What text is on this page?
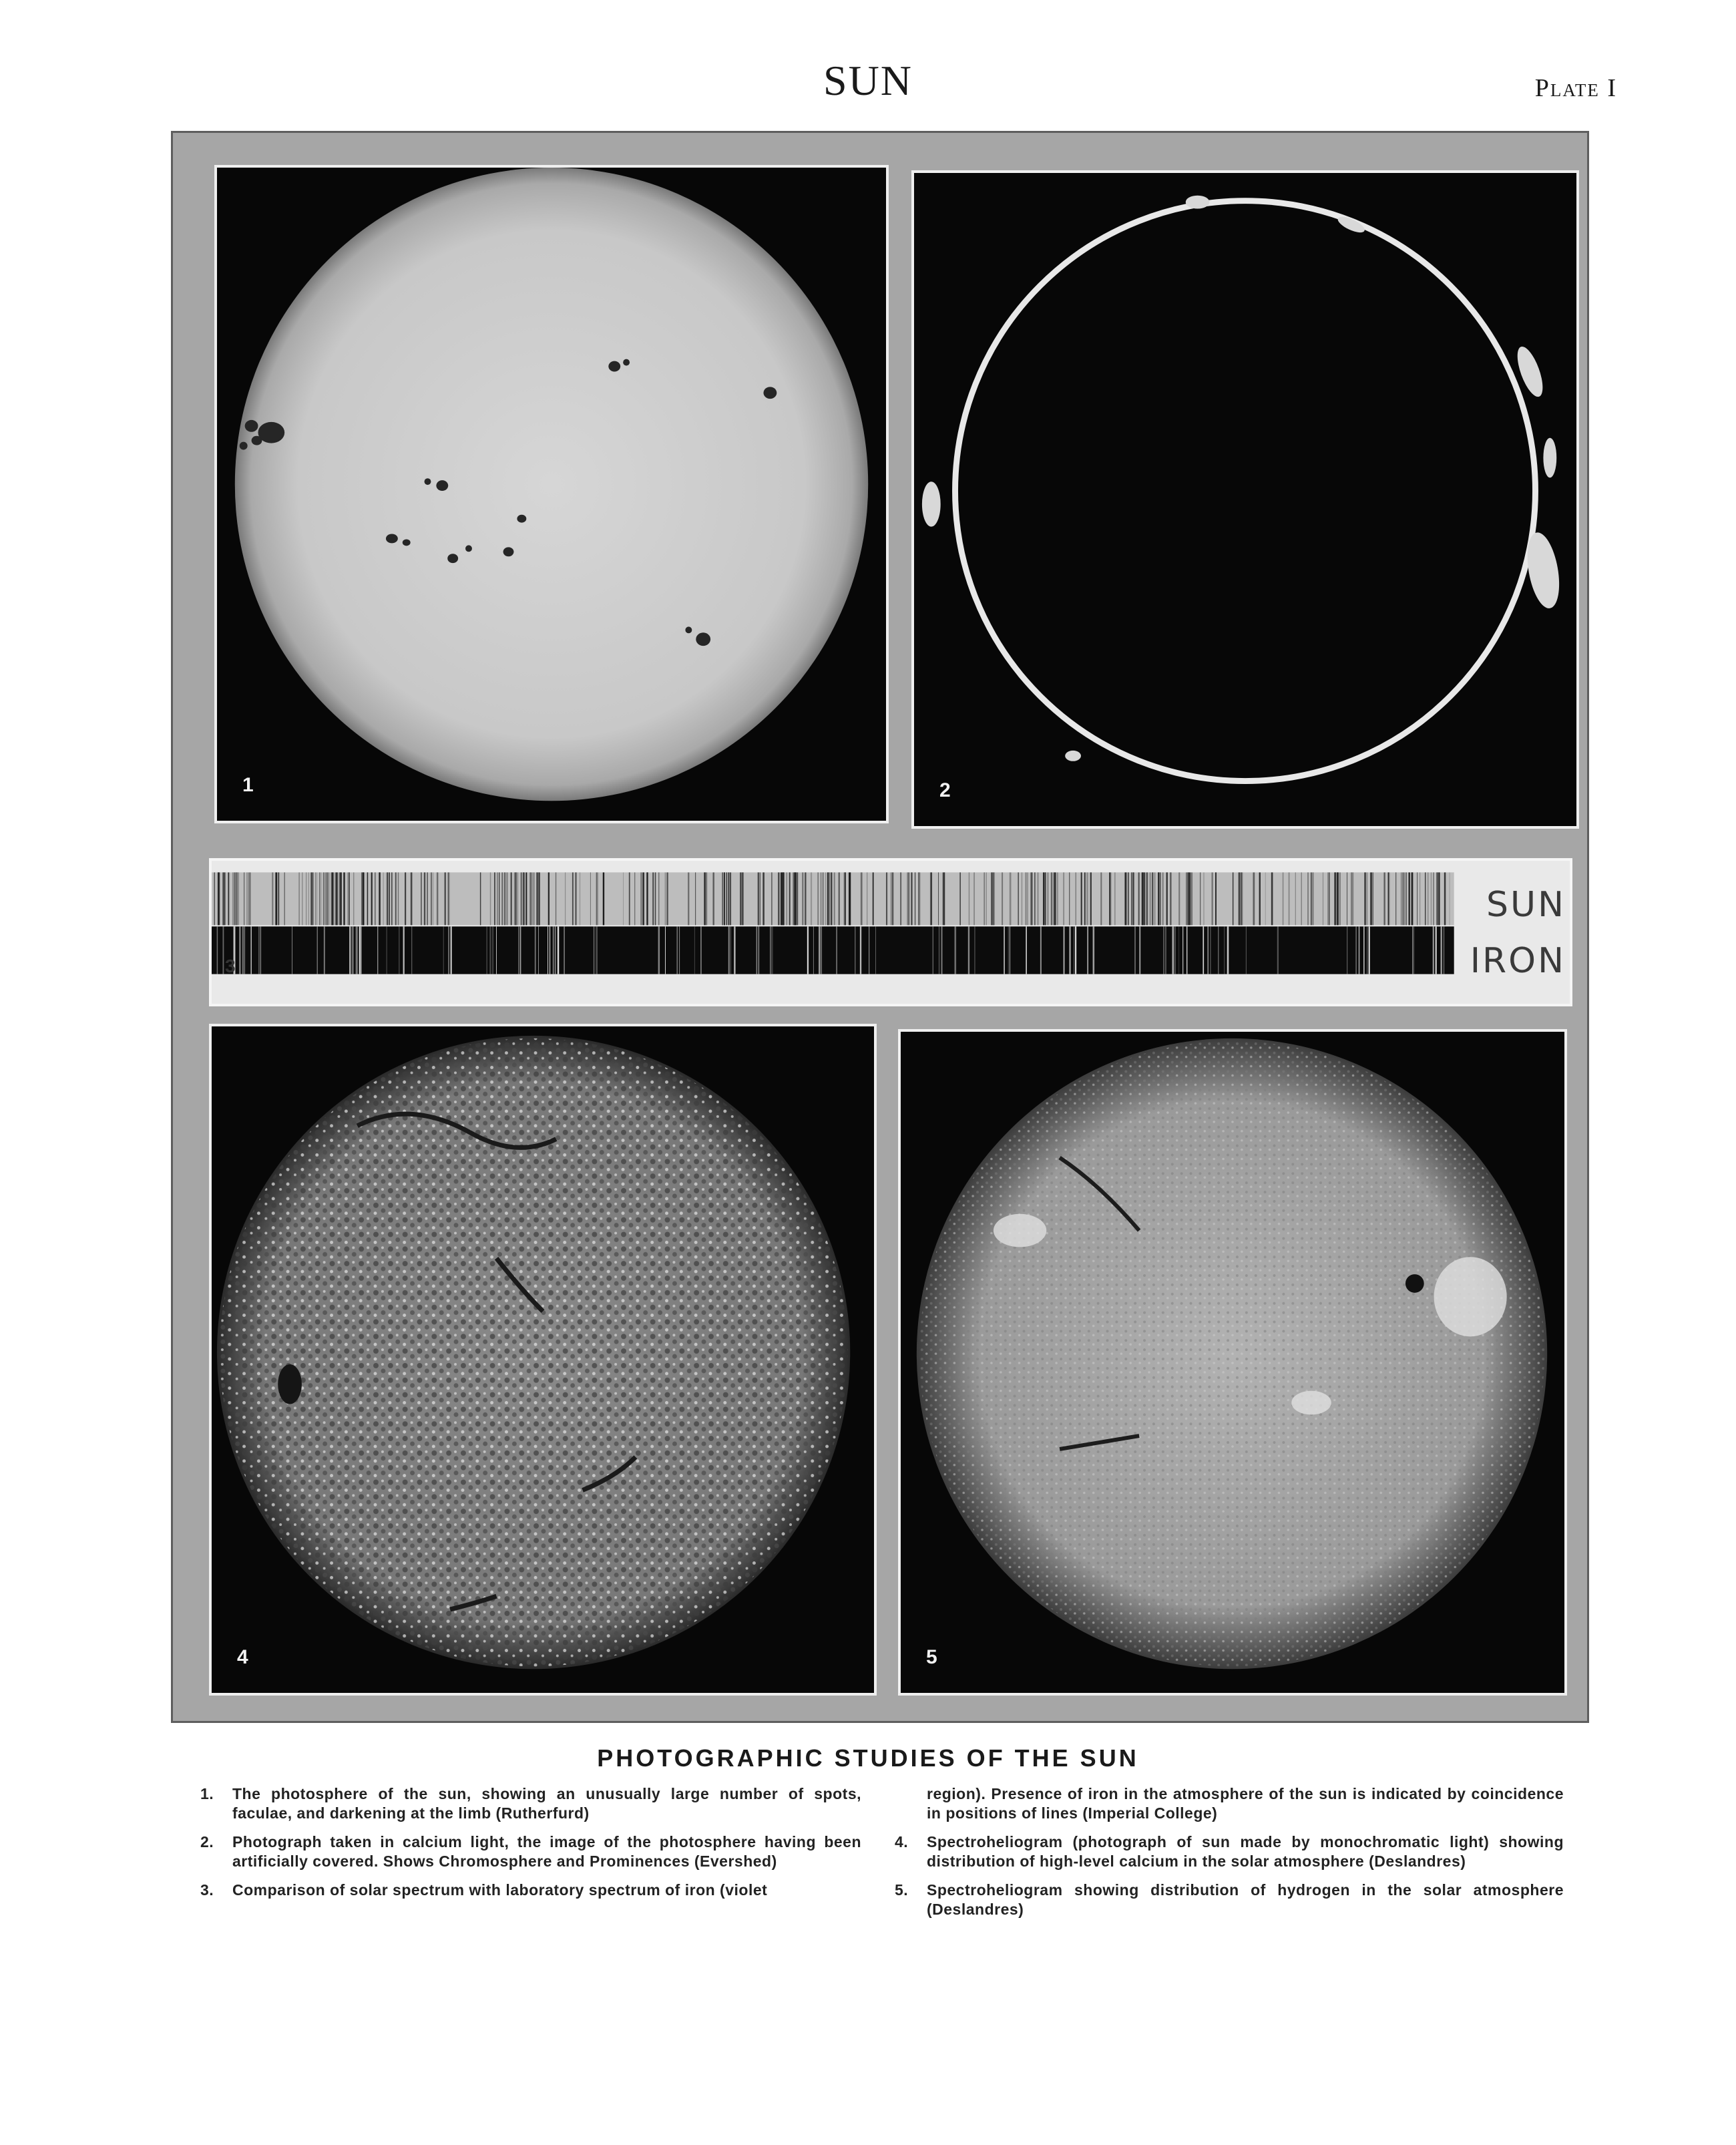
SUN	Plate I
1	2
SUN
IRON
3
4	5
PHOTOGRAPHIC STUDIES OF THE SUN
1. The photosphere of the sun, showing an unusually large number of spots, faculae, and darkening at the limb (Rutherfurd)
2. Photograph taken in calcium light, the image of the photosphere having been artificially covered. Shows Chromosphere and Prominences (Evershed)
3. Comparison of solar spectrum with laboratory spectrum of iron (violet
region). Presence of iron in the atmosphere of the sun is indicated by coincidence in positions of lines (Imperial College)
4. Spectroheliogram (photograph of sun made by monochromatic light) showing distribution of high-level calcium in the solar atmosphere (Deslandres)
5. Spectroheliogram showing distribution of hydrogen in the solar atmosphere (Deslandres)
